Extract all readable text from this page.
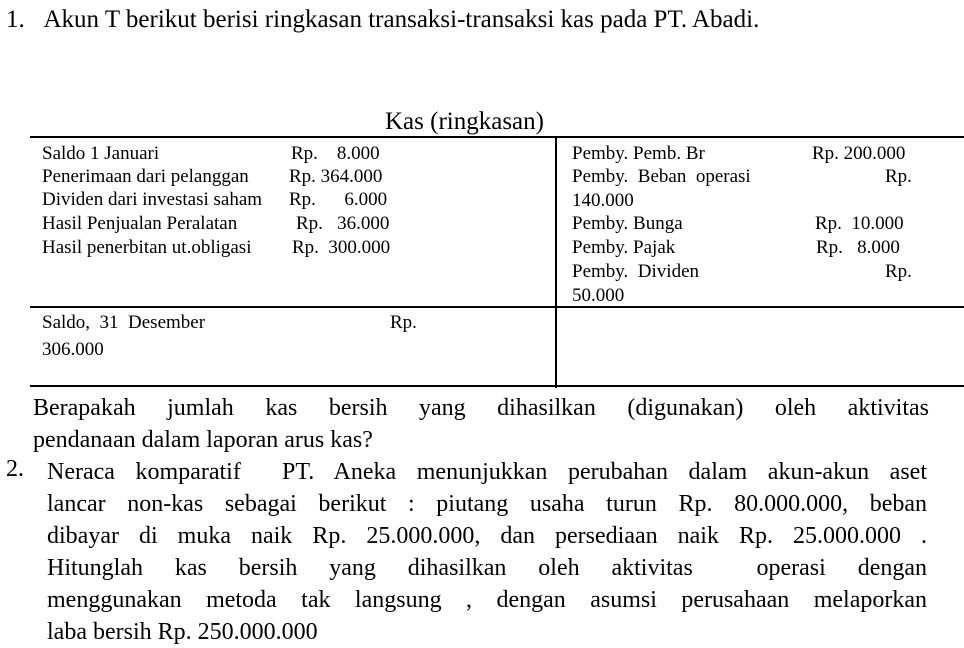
1. Akun T berikut berisi ringkasan transaksi-transaksi kas pada PT. Abadi.
Kas (ringkasan)
Saldo 1 Januari	Rp.    8.000
Penerimaan dari pelanggan Rp. 364.000
Dividen dari investasi saham Rp.      6.000
Hasil Penjualan Peralatan	Rp.   36.000
Hasil penerbitan ut.obligasi Rp.  300.000
Pemby. Pemb. Br	Rp. 200.000
Pemby.  Beban  operasi	Rp.
140.000
Pemby. Bunga	Rp.  10.000
Pemby. Pajak	Rp.   8.000
Pemby.  Dividen	Rp.
50.000
Saldo,  31  Desember	Rp.
306.000
Berapakah  jumlah  kas  bersih  yang  dihasilkan  (digunakan)  oleh  aktivitas
pendanaan dalam laporan arus kas?
2. Neraca komparatif  PT. Aneka menunjukkan perubahan dalam akun-akun aset
lancar non-kas sebagai berikut : piutang usaha turun Rp. 80.000.000, beban
dibayar di muka naik Rp. 25.000.000, dan persediaan naik Rp. 25.000.000 .
Hitunglah  kas  bersih  yang  dihasilkan  oleh  aktivitas    operasi  dengan
menggunakan metoda tak langsung , dengan asumsi perusahaan melaporkan
laba bersih Rp. 250.000.000
